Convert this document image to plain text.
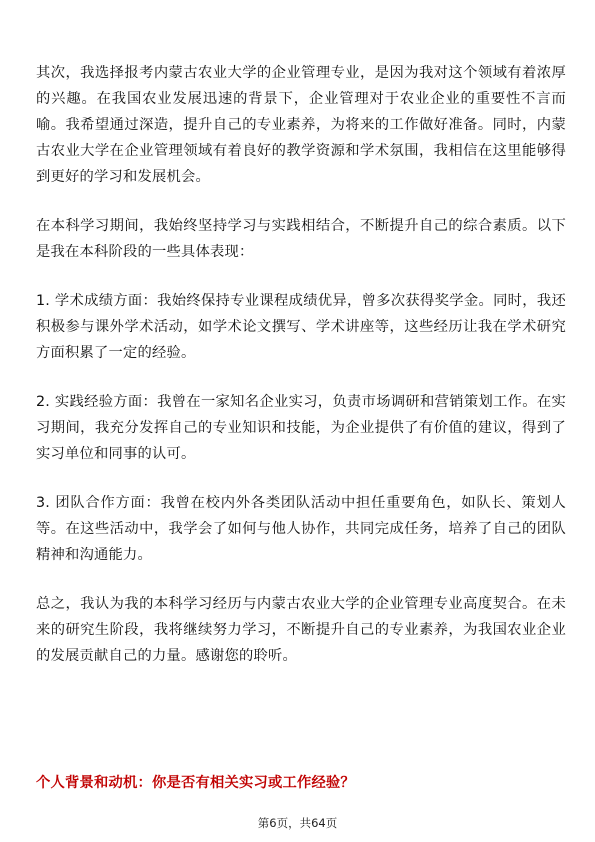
其次，我选择报考内蒙古农业大学的企业管理专业，是因为我对这个领域有着浓厚的兴趣。在我国农业发展迅速的背景下，企业管理对于农业企业的重要性不言而喻。我希望通过深造，提升自己的专业素养，为将来的工作做好准备。同时，内蒙古农业大学在企业管理领域有着良好的教学资源和学术氛围，我相信在这里能够得到更好的学习和发展机会。

在本科学习期间，我始终坚持学习与实践相结合，不断提升自己的综合素质。以下是我在本科阶段的一些具体表现：

1. 学术成绩方面：我始终保持专业课程成绩优异，曾多次获得奖学金。同时，我还积极参与课外学术活动，如学术论文撰写、学术讲座等，这些经历让我在学术研究方面积累了一定的经验。

2. 实践经验方面：我曾在一家知名企业实习，负责市场调研和营销策划工作。在实习期间，我充分发挥自己的专业知识和技能，为企业提供了有价值的建议，得到了实习单位和同事的认可。

3. 团队合作方面：我曾在校内外各类团队活动中担任重要角色，如队长、策划人等。在这些活动中，我学会了如何与他人协作，共同完成任务，培养了自己的团队精神和沟通能力。

总之，我认为我的本科学习经历与内蒙古农业大学的企业管理专业高度契合。在未来的研究生阶段，我将继续努力学习，不断提升自己的专业素养，为我国农业企业的发展贡献自己的力量。感谢您的聆听。

个人背景和动机：你是否有相关实习或工作经验？
第6页，共64页
